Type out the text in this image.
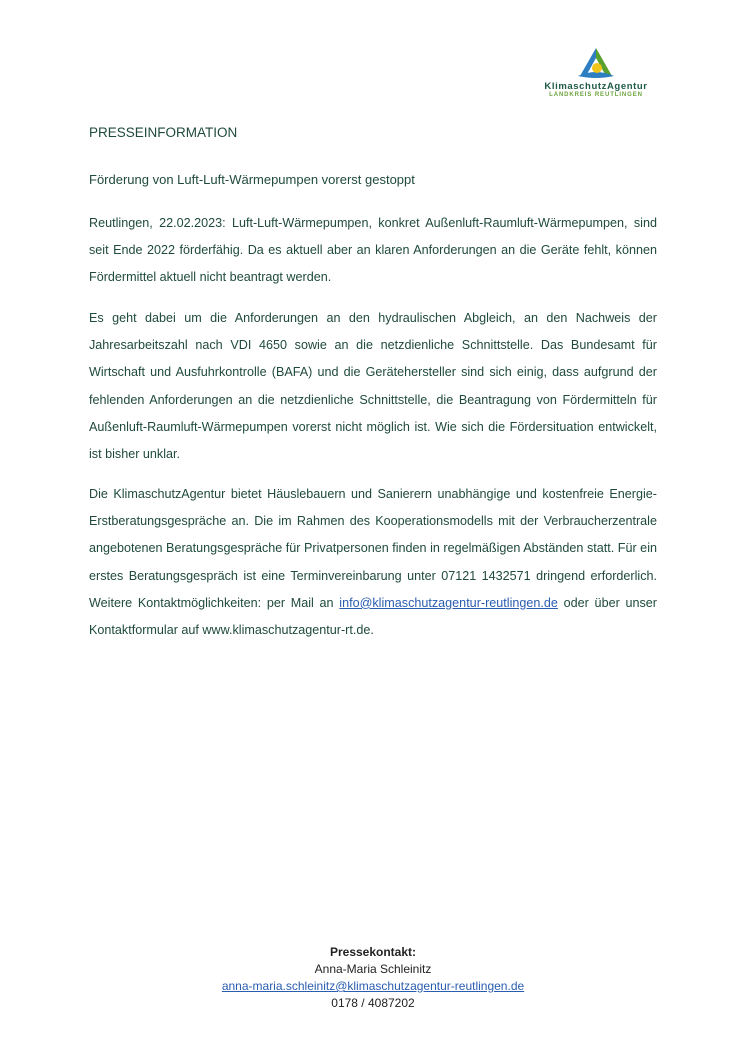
KlimaschutzAgentur
LANDKREIS REUTLINGEN
PRESSEINFORMATION
Förderung von Luft-Luft-Wärmepumpen vorerst gestoppt

Reutlingen, 22.02.2023: Luft-Luft-Wärmepumpen, konkret Außenluft-Raumluft-Wärmepumpen, sind seit Ende 2022 förderfähig. Da es aktuell aber an klaren Anforderungen an die Geräte fehlt, können Fördermittel aktuell nicht beantragt werden.

Es geht dabei um die Anforderungen an den hydraulischen Abgleich, an den Nachweis der Jahresarbeitszahl nach VDI 4650 sowie an die netzdienliche Schnittstelle. Das Bundesamt für Wirtschaft und Ausfuhrkontrolle (BAFA) und die Gerätehersteller sind sich einig, dass aufgrund der fehlenden Anforderungen an die netzdienliche Schnittstelle, die Beantragung von Fördermitteln für Außenluft-Raumluft-Wärmepumpen vorerst nicht möglich ist. Wie sich die Fördersituation entwickelt, ist bisher unklar.

Die KlimaschutzAgentur bietet Häuslebauern und Sanierern unabhängige und kostenfreie Energie-Erstberatungsgespräche an. Die im Rahmen des Kooperationsmodells mit der Verbraucherzentrale angebotenen Beratungsgespräche für Privatpersonen finden in regelmäßigen Abständen statt. Für ein erstes Beratungsgespräch ist eine Terminvereinbarung unter 07121 1432571 dringend erforderlich. Weitere Kontaktmöglichkeiten: per Mail an info@klimaschutzagentur-reutlingen.de oder über unser Kontaktformular auf www.klimaschutzagentur-rt.de.

Pressekontakt:
Anna-Maria Schleinitz
anna-maria.schleinitz@klimaschutzagentur-reutlingen.de
0178 / 4087202
